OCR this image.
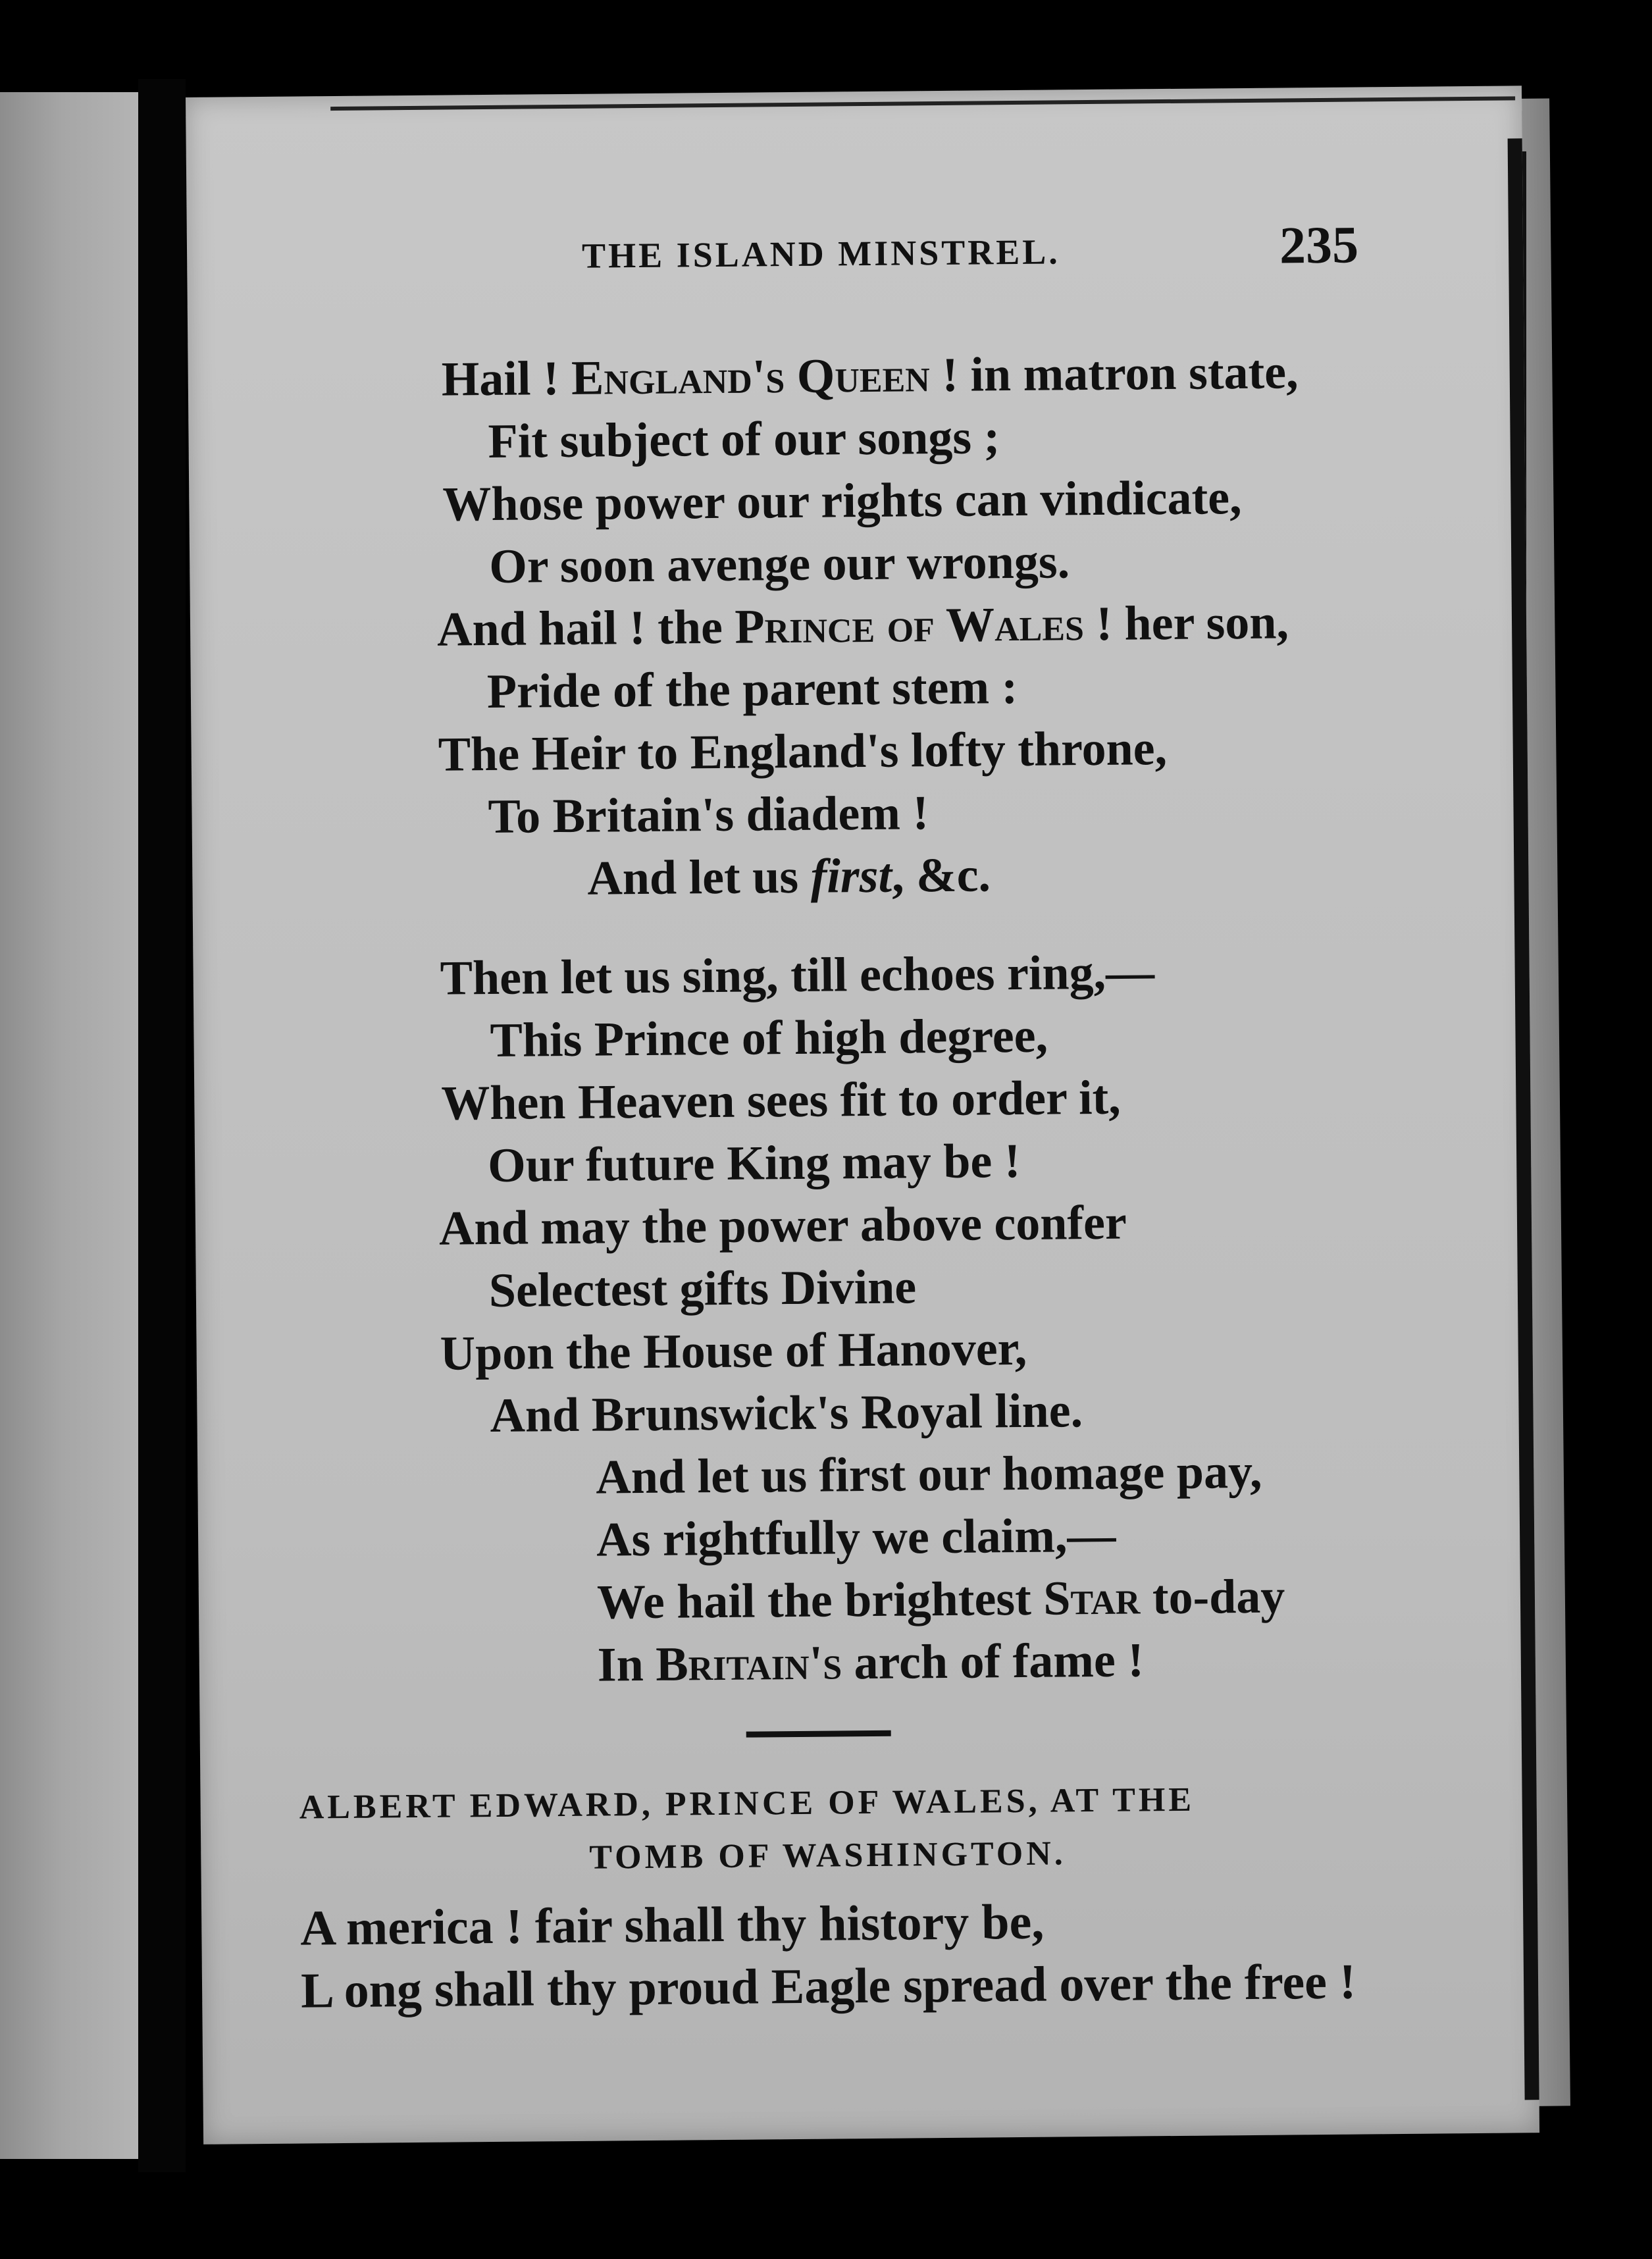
THE ISLAND MINSTREL.	235
Hail ! England's Queen ! in matron state,
Fit subject of our songs ;
Whose power our rights can vindicate,
Or soon avenge our wrongs.
And hail ! the Prince of Wales ! her son,
Pride of the parent stem :
The Heir to England's lofty throne,
To Britain's diadem !
And let us first, &c.
Then let us sing, till echoes ring,—
This Prince of high degree,
When Heaven sees fit to order it,
Our future King may be !
And may the power above confer
Selectest gifts Divine
Upon the House of Hanover,
And Brunswick's Royal line.
And let us first our homage pay,
As rightfully we claim,—
We hail the brightest Star to-day
In Britain's arch of fame !
ALBERT EDWARD, PRINCE OF WALES, AT THE
TOMB OF WASHINGTON.
A merica ! fair shall thy history be,
L ong shall thy proud Eagle spread over the free !
